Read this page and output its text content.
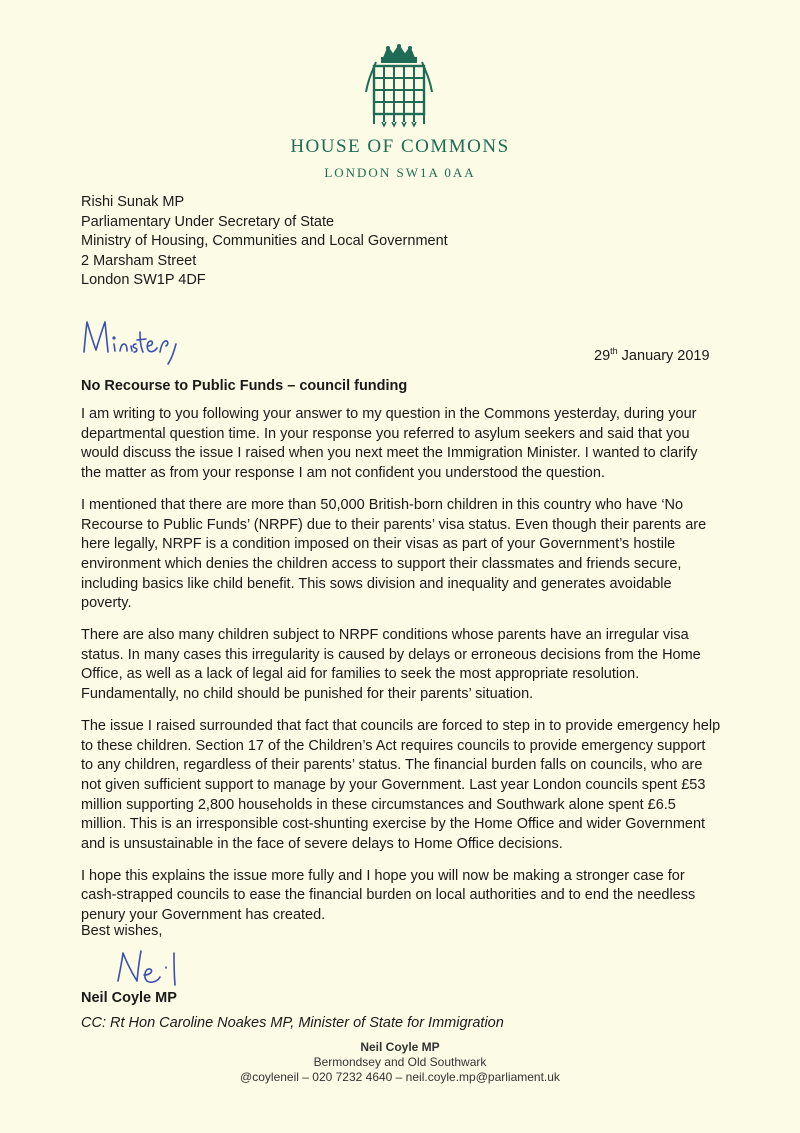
HOUSE OF COMMONS
LONDON SW1A 0AA
Rishi Sunak MP
Parliamentary Under Secretary of State
Ministry of Housing, Communities and Local Government
2 Marsham Street
London SW1P 4DF
29th January 2019
No Recourse to Public Funds – council funding

I am writing to you following your answer to my question in the Commons yesterday, during your departmental question time. In your response you referred to asylum seekers and said that you would discuss the issue I raised when you next meet the Immigration Minister. I wanted to clarify the matter as from your response I am not confident you understood the question.

I mentioned that there are more than 50,000 British-born children in this country who have ‘No Recourse to Public Funds’ (NRPF) due to their parents’ visa status. Even though their parents are here legally, NRPF is a condition imposed on their visas as part of your Government’s hostile environment which denies the children access to support their classmates and friends secure, including basics like child benefit. This sows division and inequality and generates avoidable poverty.

There are also many children subject to NRPF conditions whose parents have an irregular visa status. In many cases this irregularity is caused by delays or erroneous decisions from the Home Office, as well as a lack of legal aid for families to seek the most appropriate resolution. Fundamentally, no child should be punished for their parents’ situation.

The issue I raised surrounded that fact that councils are forced to step in to provide emergency help to these children. Section 17 of the Children’s Act requires councils to provide emergency support to any children, regardless of their parents’ status. The financial burden falls on councils, who are not given sufficient support to manage by your Government. Last year London councils spent £53 million supporting 2,800 households in these circumstances and Southwark alone spent £6.5 million. This is an irresponsible cost-shunting exercise by the Home Office and wider Government and is unsustainable in the face of severe delays to Home Office decisions.

I hope this explains the issue more fully and I hope you will now be making a stronger case for cash-strapped councils to ease the financial burden on local authorities and to end the needless penury your Government has created.

Best wishes,
Neil Coyle MP
CC: Rt Hon Caroline Noakes MP, Minister of State for Immigration
Neil Coyle MP
Bermondsey and Old Southwark
@coyleneil – 020 7232 4640 – neil.coyle.mp@parliament.uk
